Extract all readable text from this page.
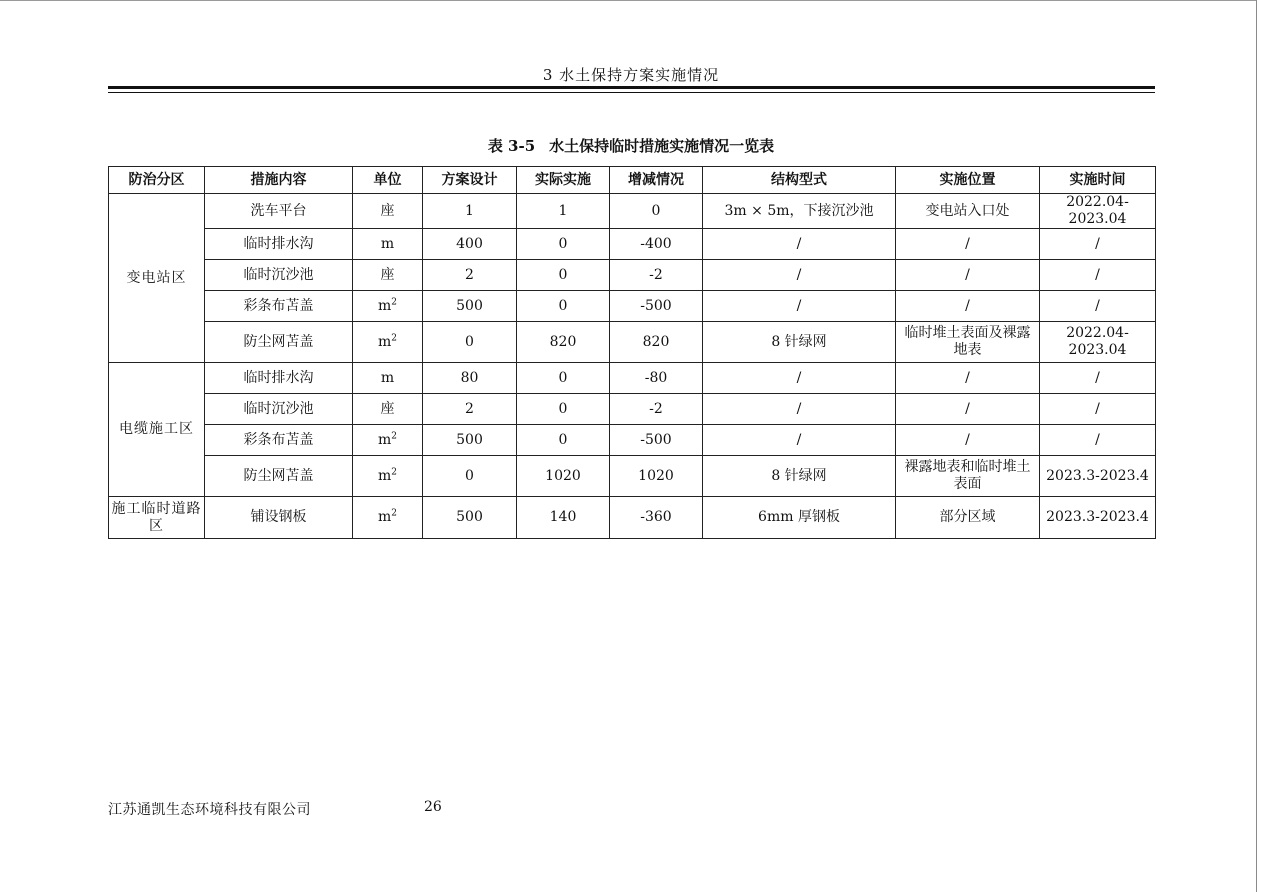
3 水土保持方案实施情况
表 3-5 水土保持临时措施实施情况一览表
防治分区	措施内容	单位	方案设计	实际实施	增减情况	结构型式	实施位置	实施时间
变电站区	洗车平台	座	1	1	0	3m × 5m，下接沉沙池	变电站入口处	2022.04-2023.04
	临时排水沟	m	400	0	-400	/	/	/
	临时沉沙池	座	2	0	-2	/	/	/
	彩条布苫盖	$m^2$	500	0	-500	/	/	/
	防尘网苫盖	$m^2$	0	820	820	8 针绿网	临时堆土表面及裸露地表	2022.04-2023.04
电缆施工区	临时排水沟	m	80	0	-80	/	/	/
	临时沉沙池	座	2	0	-2	/	/	/
	彩条布苫盖	$m^2$	500	0	-500	/	/	/
	防尘网苫盖	$m^2$	0	1020	1020	8 针绿网	裸露地表和临时堆土表面	2023.3-2023.4
施工临时道路区	铺设钢板	$m^2$	500	140	-360	6mm 厚钢板	部分区域	2023.3-2023.4
江苏通凯生态环境科技有限公司	26
